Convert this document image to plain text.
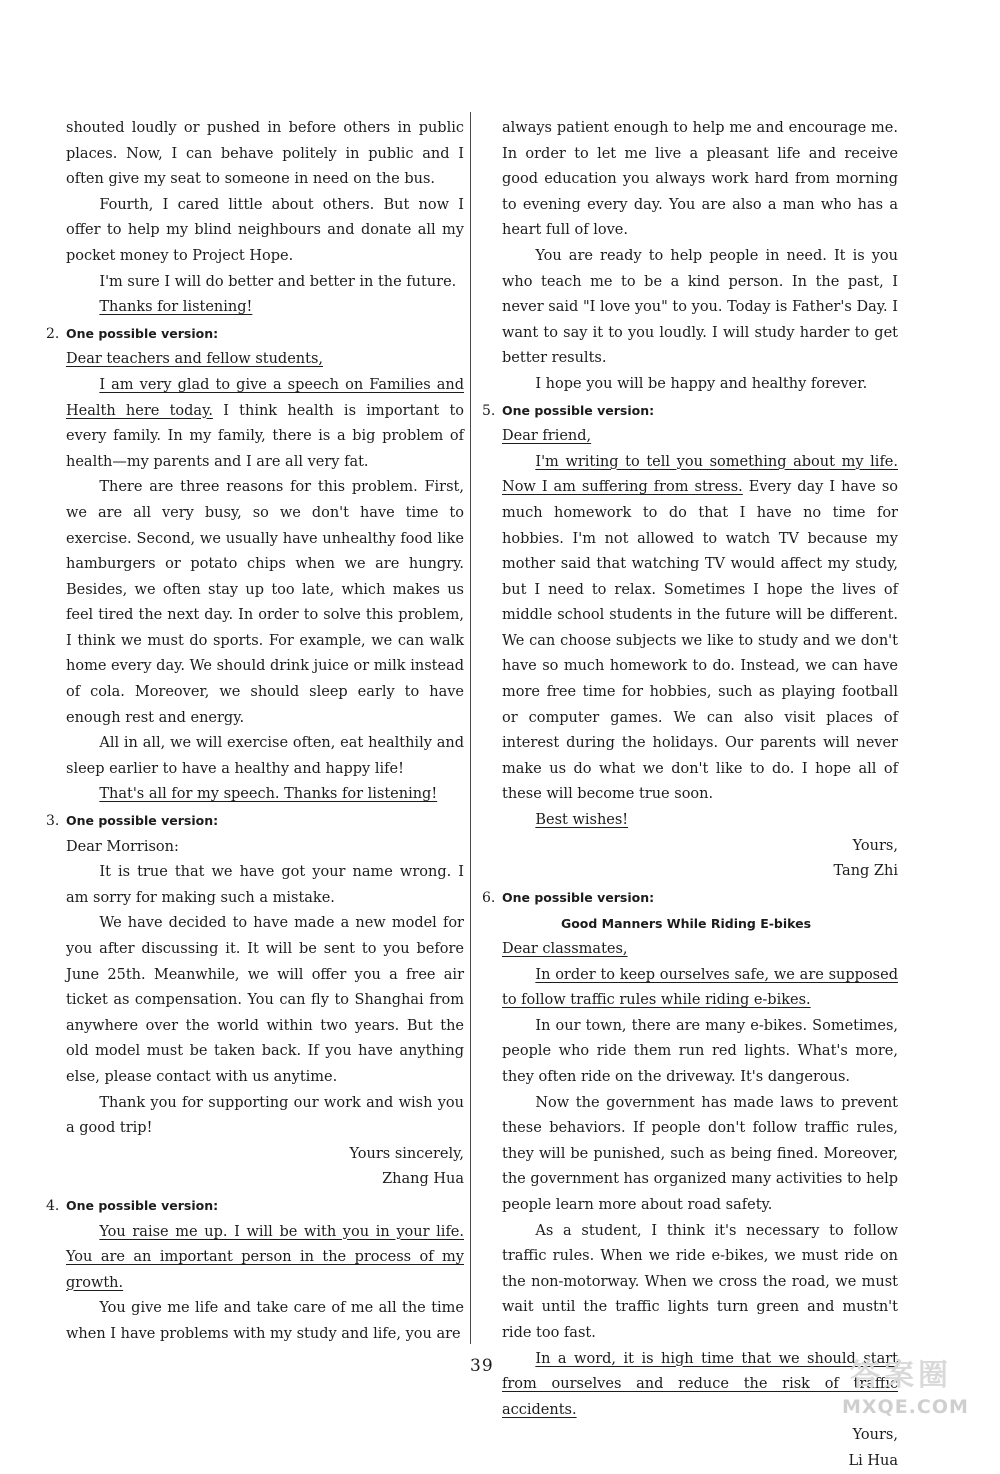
shouted loudly or pushed in before others in public places. Now, I can behave politely in public and I often give my seat to someone in need on the bus.

Fourth, I cared little about others. But now I offer to help my blind neighbours and donate all my pocket money to Project Hope.

I'm sure I will do better and better in the future.

Thanks for listening!

2. One possible version:

Dear teachers and fellow students,

I am very glad to give a speech on Families and Health here today. I think health is important to every family. In my family, there is a big problem of health—my parents and I are all very fat.

There are three reasons for this problem. First, we are all very busy, so we don't have time to exercise. Second, we usually have unhealthy food like hamburgers or potato chips when we are hungry. Besides, we often stay up too late, which makes us feel tired the next day. In order to solve this problem, I think we must do sports. For example, we can walk home every day. We should drink juice or milk instead of cola. Moreover, we should sleep early to have enough rest and energy.

All in all, we will exercise often, eat healthily and sleep earlier to have a healthy and happy life!

That's all for my speech. Thanks for listening!

3. One possible version:

Dear Morrison:

It is true that we have got your name wrong. I am sorry for making such a mistake.

We have decided to have made a new model for you after discussing it. It will be sent to you before June 25th. Meanwhile, we will offer you a free air ticket as compensation. You can fly to Shanghai from anywhere over the world within two years. But the old model must be taken back. If you have anything else, please contact with us anytime.

Thank you for supporting our work and wish you a good trip!

Yours sincerely,

Zhang Hua

4. One possible version:

You raise me up. I will be with you in your life. You are an important person in the process of my growth.

You give me life and take care of me all the time when I have problems with my study and life, you are

always patient enough to help me and encourage me. In order to let me live a pleasant life and receive good education you always work hard from morning to evening every day. You are also a man who has a heart full of love.

You are ready to help people in need. It is you who teach me to be a kind person. In the past, I never said "I love you" to you. Today is Father's Day. I want to say it to you loudly. I will study harder to get better results.

I hope you will be happy and healthy forever.

5. One possible version:

Dear friend,

I'm writing to tell you something about my life. Now I am suffering from stress. Every day I have so much homework to do that I have no time for hobbies. I'm not allowed to watch TV because my mother said that watching TV would affect my study, but I need to relax. Sometimes I hope the lives of middle school students in the future will be different. We can choose subjects we like to study and we don't have so much homework to do. Instead, we can have more free time for hobbies, such as playing football or computer games. We can also visit places of interest during the holidays. Our parents will never make us do what we don't like to do. I hope all of these will become true soon.

Best wishes!

Yours,

Tang Zhi

6. One possible version:

Good Manners While Riding E-bikes

Dear classmates,

In order to keep ourselves safe, we are supposed to follow traffic rules while riding e-bikes.

In our town, there are many e-bikes. Sometimes, people who ride them run red lights. What's more, they often ride on the driveway. It's dangerous.

Now the government has made laws to prevent these behaviors. If people don't follow traffic rules, they will be punished, such as being fined. Moreover, the government has organized many activities to help people learn more about road safety.

As a student, I think it's necessary to follow traffic rules. When we ride e-bikes, we must ride on the non-motorway. When we cross the road, we must wait until the traffic lights turn green and mustn't ride too fast.

In a word, it is high time that we should start from ourselves and reduce the risk of traffic accidents.

Yours,

Li Hua

39	答案圈
MXQE.COM
